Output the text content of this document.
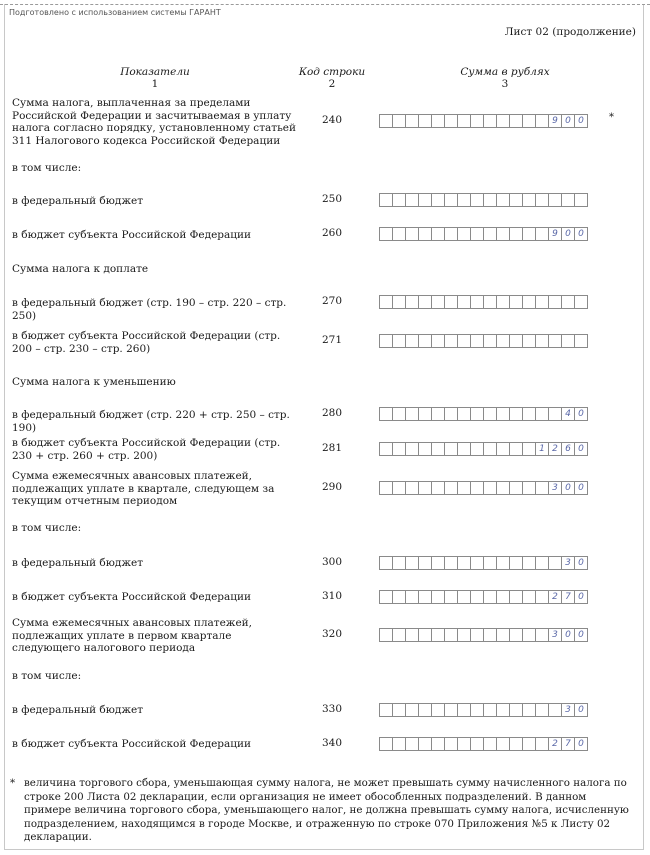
Подготовлено с использованием системы ГАРАНТ
Лист 02 (продолжение)
Показатели
1
Код строки
2
Сумма в рублях
3
Сумма налога, выплаченная за пределами Российской Федерации и засчитываемая в уплату налога согласно порядку, установленному статьей 311 Налогового кодекса Российской Федерации
240	9 0 0	*
в том числе:
в федеральный бюджет	250
в бюджет субъекта Российской Федерации	260	9 0 0
Сумма налога к доплате
в федеральный бюджет (стр. 190 – стр. 220 – стр. 250)
270
в бюджет субъекта Российской Федерации (стр. 200 – стр. 230 – стр. 260)
271
Сумма налога к уменьшению
в федеральный бюджет (стр. 220 + стр. 250 – стр. 190)
280	4 0
в бюджет субъекта Российской Федерации (стр. 230 + стр. 260 + стр. 200)
281	1 2 6 0
Сумма ежемесячных авансовых платежей, подлежащих уплате в квартале, следующем за текущим отчетным периодом
290	3 0 0
в том числе:
в федеральный бюджет	300	3 0
в бюджет субъекта Российской Федерации	310	2 7 0
Сумма ежемесячных авансовых платежей, подлежащих уплате в первом квартале следующего налогового периода
320	3 0 0
в том числе:
в федеральный бюджет	330	3 0
в бюджет субъекта Российской Федерации	340	2 7 0
* величина торгового сбора, уменьшающая сумму налога, не может превышать сумму начисленного налога по строке 200 Листа 02 декларации, если организация не имеет обособленных подразделений. В данном примере величина торгового сбора, уменьшающего налог, не должна превышать сумму налога, исчисленную подразделением, находящимся в городе Москве, и отраженную по строке 070 Приложения №5 к Листу 02 декларации.
